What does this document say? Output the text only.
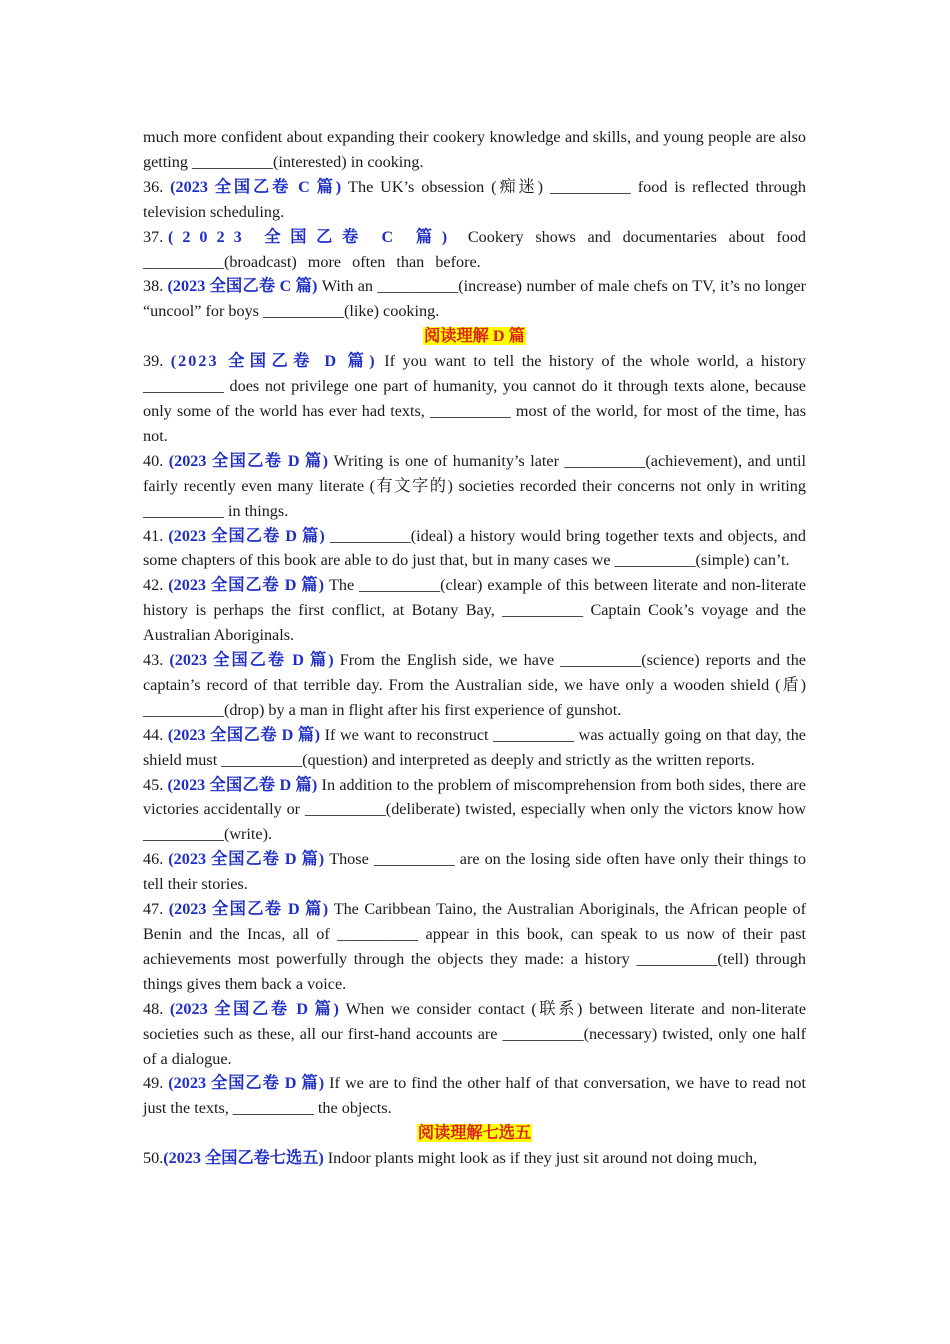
much more confident about expanding their cookery knowledge and skills, and young people are also getting __________(interested) in cooking.

36. (2023 全国乙卷 C 篇) The UK’s obsession (痴迷) __________ food is reflected through television scheduling.

37. (2023 全国乙卷 C 篇) Cookery shows and documentaries about food __________(broadcast) more often than before.

38. (2023 全国乙卷 C 篇) With an __________(increase) number of male chefs on TV, it’s no longer “uncool” for boys __________(like) cooking.

阅读理解 D 篇

39. (2023 全国乙卷 D 篇) If you want to tell the history of the whole world, a history __________ does not privilege one part of humanity, you cannot do it through texts alone, because only some of the world has ever had texts, __________ most of the world, for most of the time, has not.

40. (2023 全国乙卷 D 篇) Writing is one of humanity’s later __________(achievement), and until fairly recently even many literate (有文字的) societies recorded their concerns not only in writing __________ in things.

41. (2023 全国乙卷 D 篇) __________(ideal) a history would bring together texts and objects, and some chapters of this book are able to do just that, but in many cases we __________(simple) can’t.

42. (2023 全国乙卷 D 篇) The __________(clear) example of this between literate and non-literate history is perhaps the first conflict, at Botany Bay, __________ Captain Cook’s voyage and the Australian Aboriginals.

43. (2023 全国乙卷 D 篇) From the English side, we have __________(science) reports and the captain’s record of that terrible day. From the Australian side, we have only a wooden shield (盾) __________(drop) by a man in flight after his first experience of gunshot.

44. (2023 全国乙卷 D 篇) If we want to reconstruct __________ was actually going on that day, the shield must __________(question) and interpreted as deeply and strictly as the written reports.

45. (2023 全国乙卷 D 篇) In addition to the problem of miscomprehension from both sides, there are victories accidentally or __________(deliberate) twisted, especially when only the victors know how __________(write).

46. (2023 全国乙卷 D 篇) Those __________ are on the losing side often have only their things to tell their stories.

47. (2023 全国乙卷 D 篇) The Caribbean Taino, the Australian Aboriginals, the African people of Benin and the Incas, all of __________ appear in this book, can speak to us now of their past achievements most powerfully through the objects they made: a history __________(tell) through things gives them back a voice.

48. (2023 全国乙卷 D 篇) When we consider contact (联系) between literate and non-literate societies such as these, all our first-hand accounts are __________(necessary) twisted, only one half of a dialogue.

49. (2023 全国乙卷 D 篇) If we are to find the other half of that conversation, we have to read not just the texts, __________ the objects.

阅读理解七选五

50.(2023 全国乙卷七选五) Indoor plants might look as if they just sit around not doing much,
